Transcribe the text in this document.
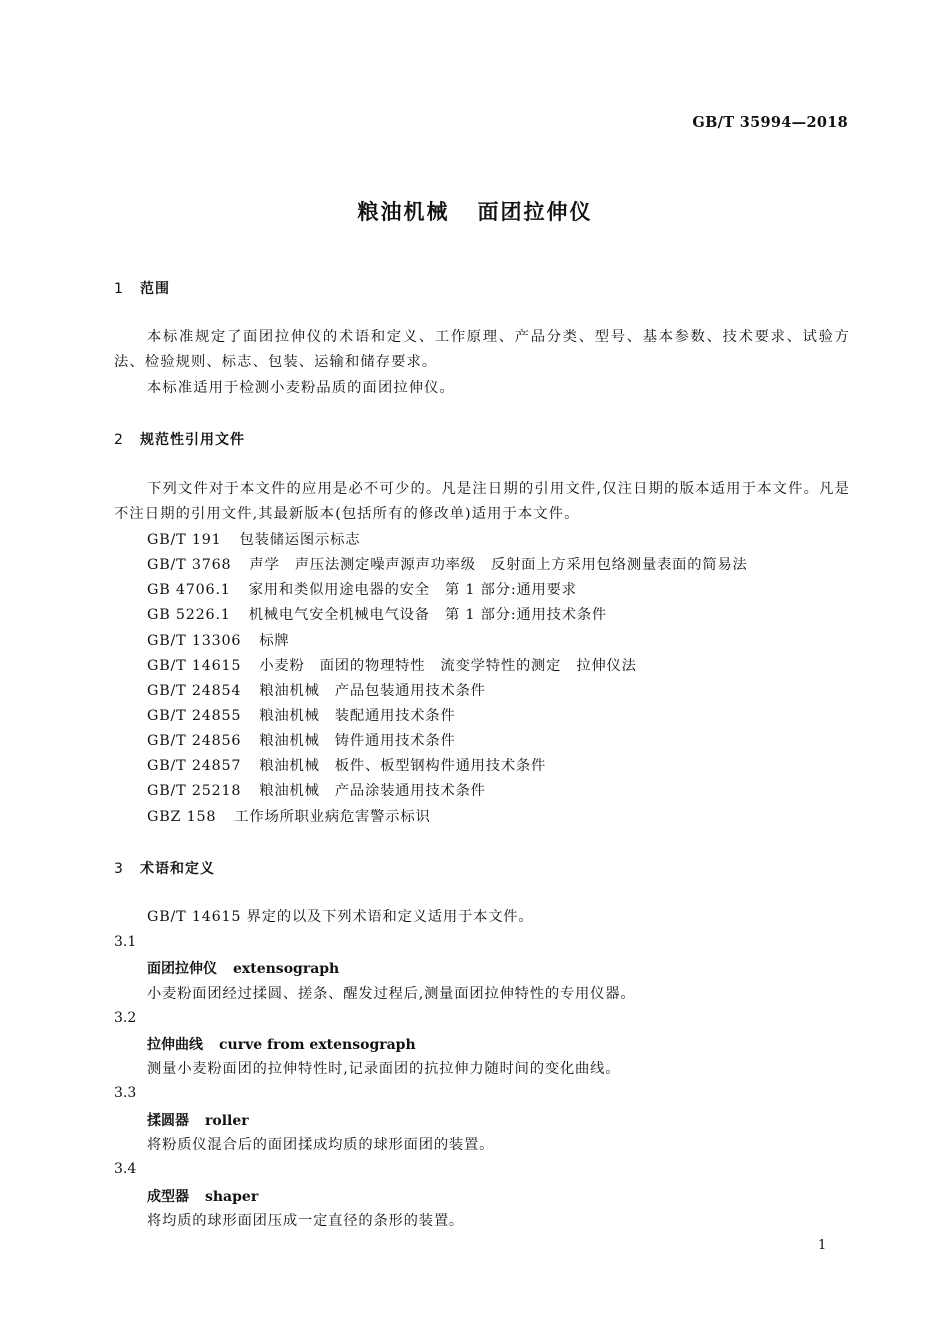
GB/T 35994—2018
粮油机械 面团拉伸仪
1 范围
本标准规定了面团拉伸仪的术语和定义、工作原理、产品分类、型号、基本参数、技术要求、试验方法、检验规则、标志、包装、运输和储存要求。
本标准适用于检测小麦粉品质的面团拉伸仪。
2 规范性引用文件
下列文件对于本文件的应用是必不可少的。凡是注日期的引用文件,仅注日期的版本适用于本文件。凡是不注日期的引用文件,其最新版本(包括所有的修改单)适用于本文件。
GB/T 191 包装储运图示标志
GB/T 3768 声学　声压法测定噪声源声功率级　反射面上方采用包络测量表面的简易法
GB 4706.1 家用和类似用途电器的安全　第 1 部分:通用要求
GB 5226.1 机械电气安全机械电气设备　第 1 部分:通用技术条件
GB/T 13306 标牌
GB/T 14615 小麦粉　面团的物理特性　流变学特性的测定　拉伸仪法
GB/T 24854 粮油机械　产品包装通用技术条件
GB/T 24855 粮油机械　装配通用技术条件
GB/T 24856 粮油机械　铸件通用技术条件
GB/T 24857 粮油机械　板件、板型钢构件通用技术条件
GB/T 25218 粮油机械　产品涂装通用技术条件
GBZ 158 工作场所职业病危害警示标识
3 术语和定义
GB/T 14615 界定的以及下列术语和定义适用于本文件。
3.1
面团拉伸仪 extensograph
小麦粉面团经过揉圆、搓条、醒发过程后,测量面团拉伸特性的专用仪器。
3.2
拉伸曲线 curve from extensograph
测量小麦粉面团的拉伸特性时,记录面团的抗拉伸力随时间的变化曲线。
3.3
揉圆器 roller
将粉质仪混合后的面团揉成均质的球形面团的装置。
3.4
成型器 shaper
将均质的球形面团压成一定直径的条形的装置。
1
